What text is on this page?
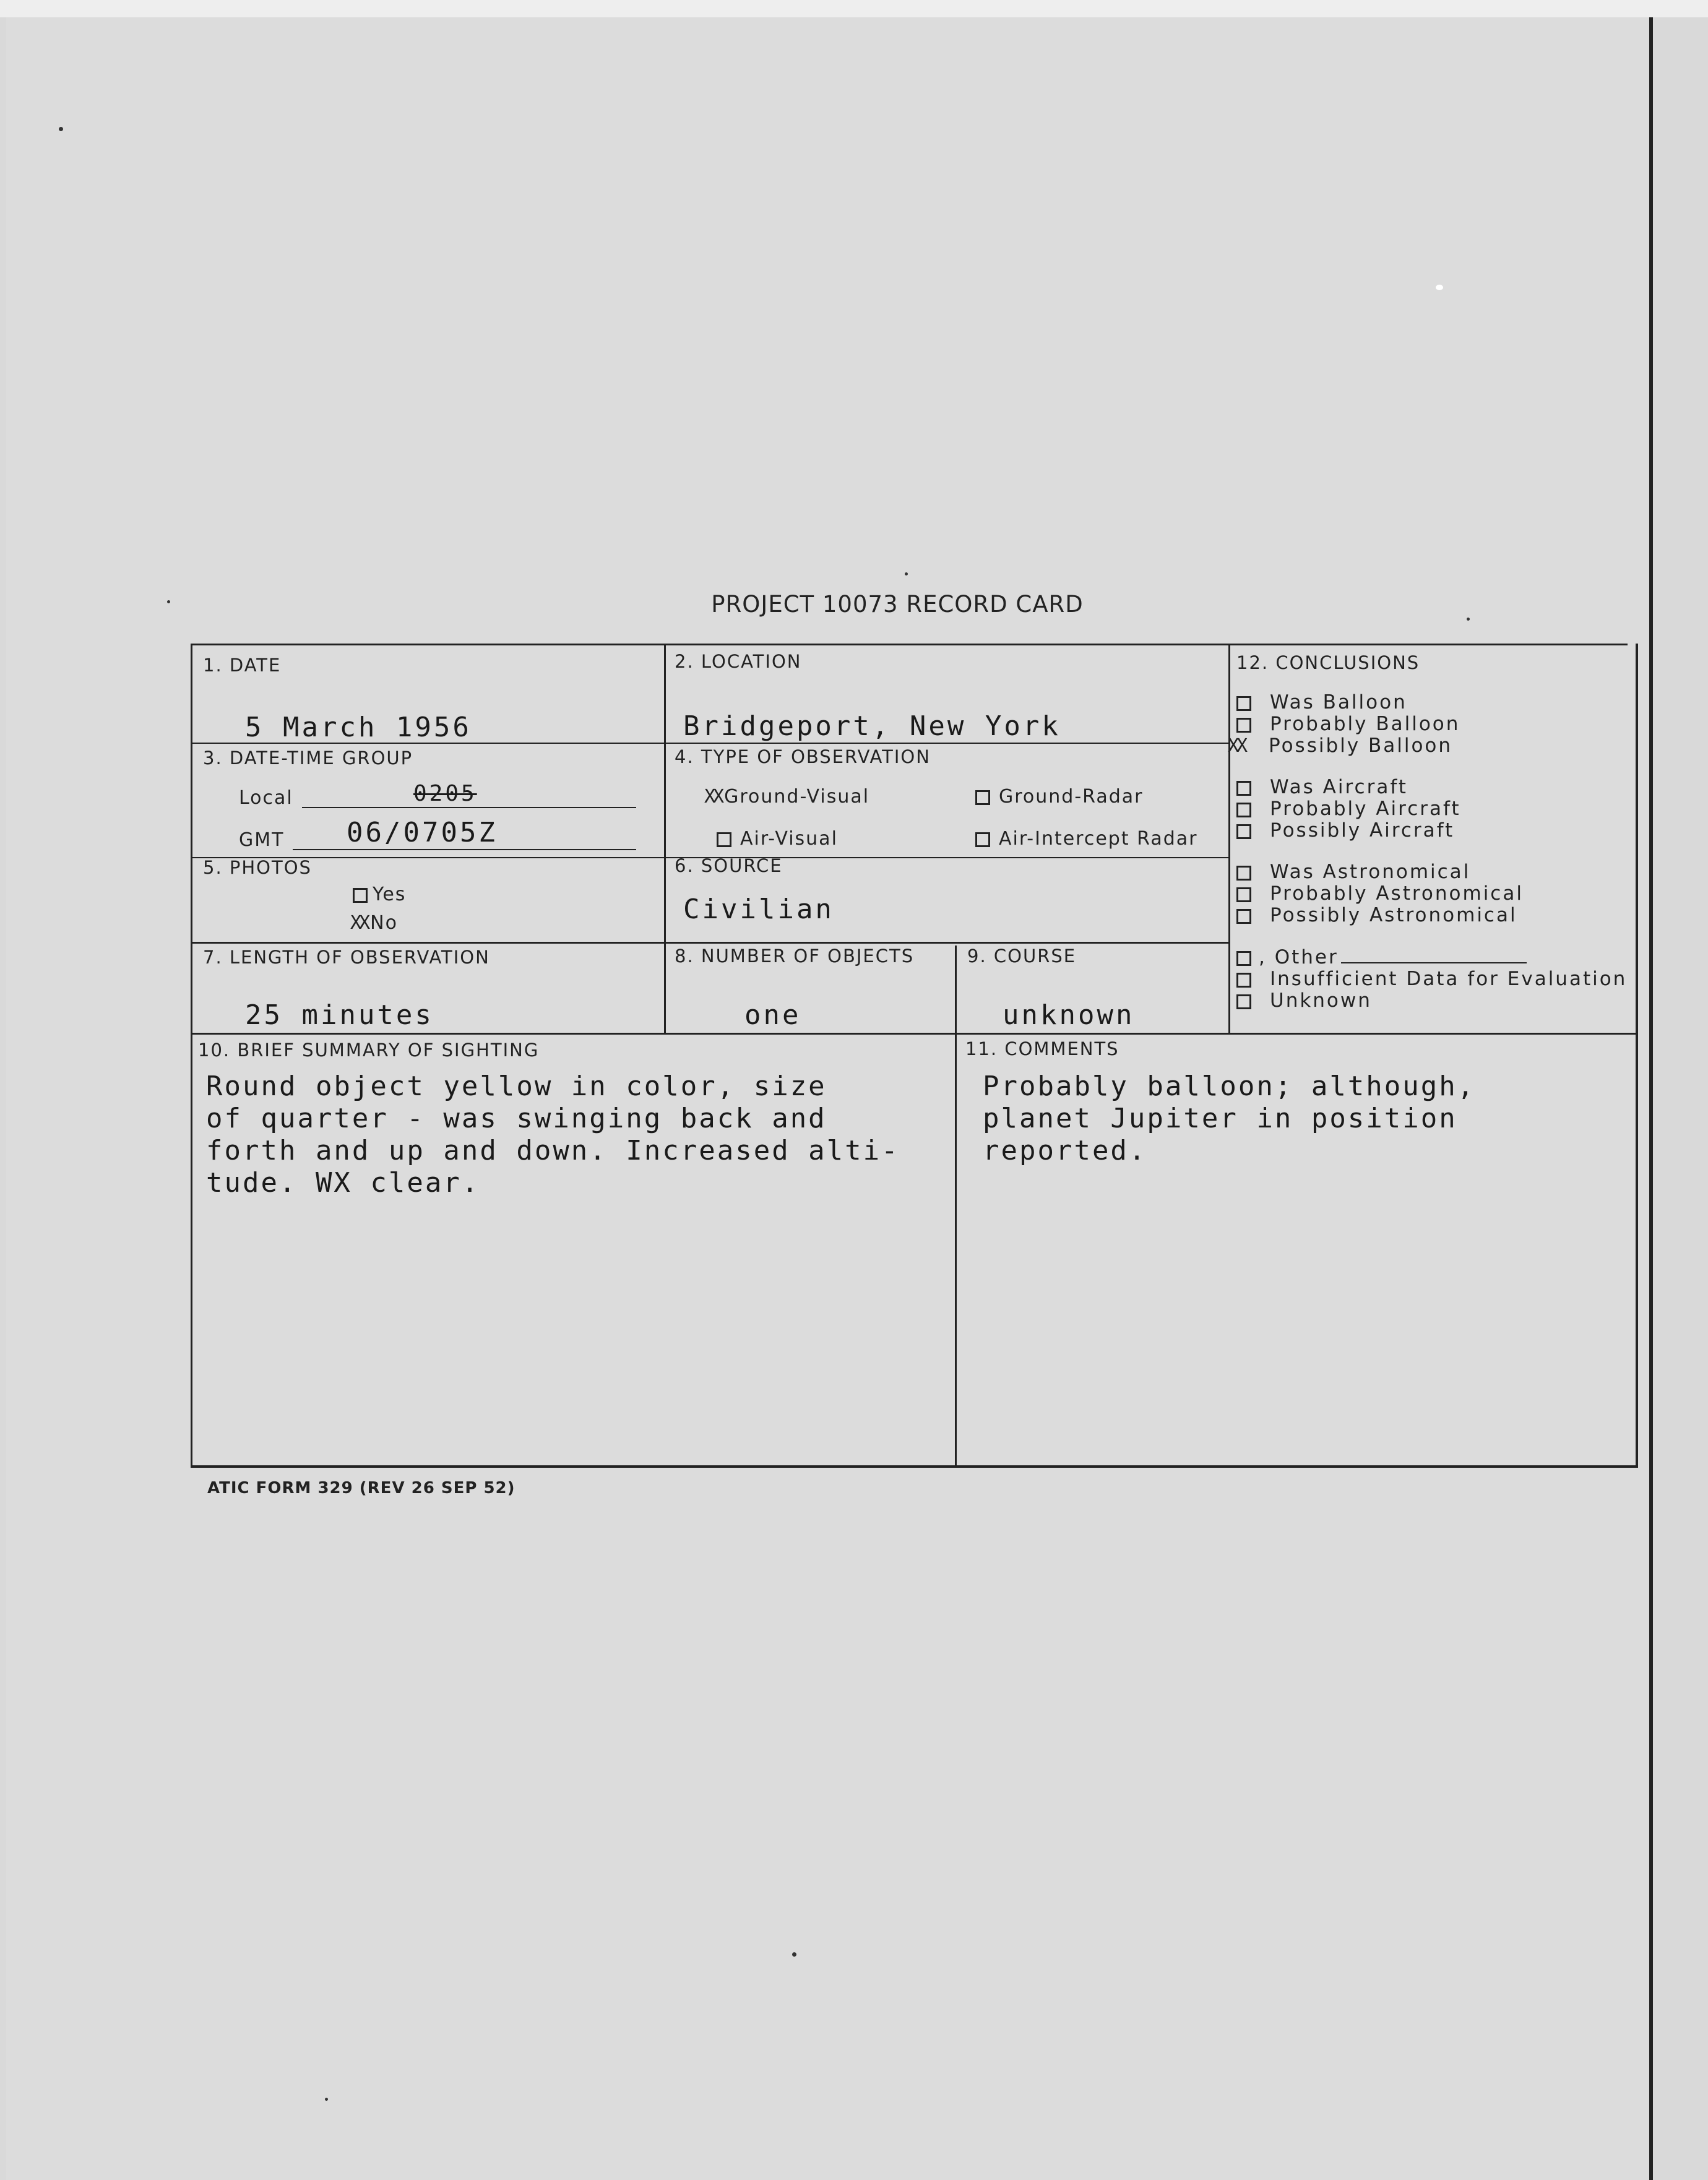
PROJECT 10073 RECORD CARD
1. DATE
5 March 1956
2. LOCATION
Bridgeport, New York
3. DATE-TIME GROUP
Local	0205
GMT 06/0705Z
4. TYPE OF OBSERVATION
XX Ground-Visual	Ground-Radar
Air-Visual	Air-Intercept Radar
5. PHOTOS
Yes
XX No
6. SOURCE
Civilian
7. LENGTH OF OBSERVATION
25 minutes
8. NUMBER OF OBJECTS
one
9. COURSE
unknown
10. BRIEF SUMMARY OF SIGHTING
Round object yellow in color, size
of quarter - was swinging back and
forth and up and down. Increased alti-
tude. WX clear.
11. COMMENTS
Probably balloon; although,
planet Jupiter in position
reported.
12. CONCLUSIONS
Was Balloon
Probably Balloon
XX Possibly Balloon
Was Aircraft
Probably Aircraft
Possibly Aircraft
Was Astronomical
Probably Astronomical
Possibly Astronomical
, Other
Insufficient Data for Evaluation
Unknown
ATIC FORM 329 (REV 26 SEP 52)
